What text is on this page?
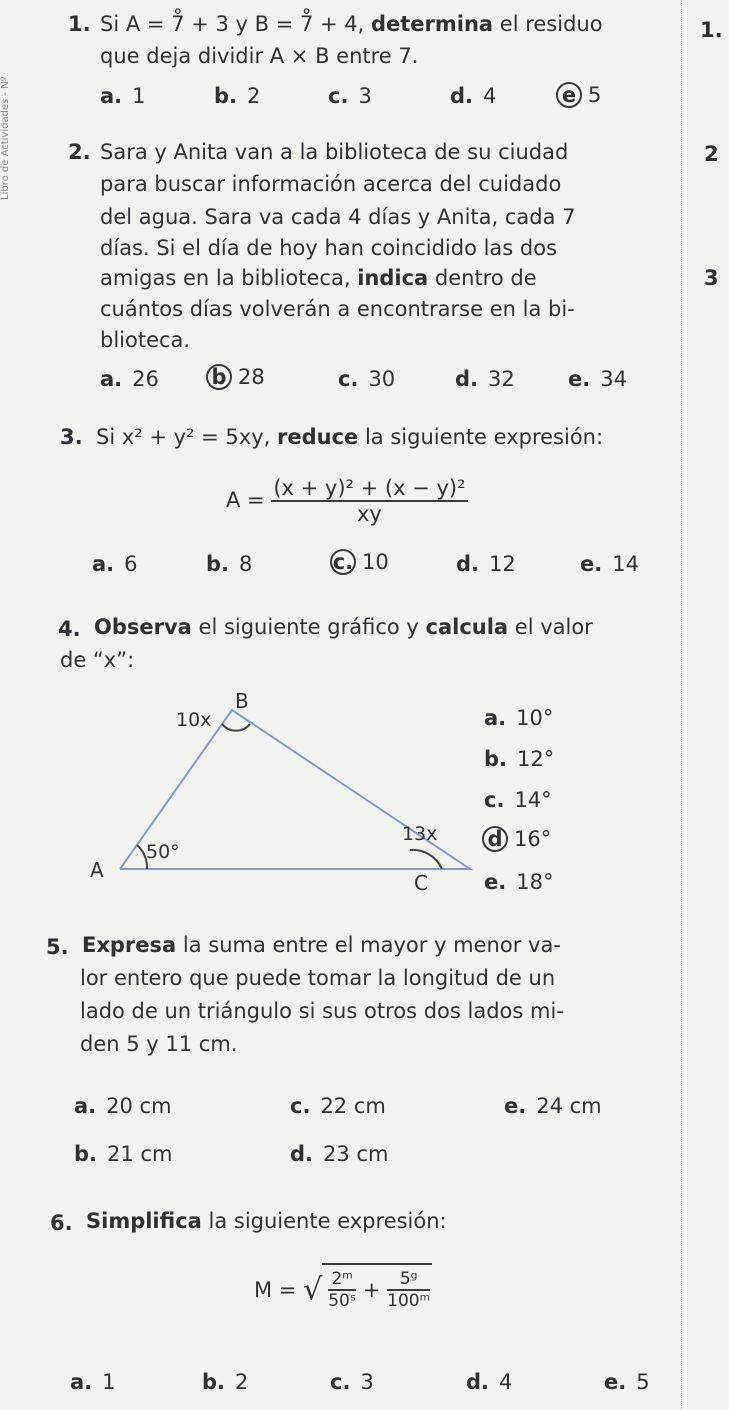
Libro de Actividades - Nº
1.
2
3
1. Si A = 7̊ + 3 y B = 7̊ + 4, determina el residuo
que deja dividir A × B entre 7.
a. 1	b. 2	c. 3	d. 4	e 5
2. Sara y Anita van a la biblioteca de su ciudad
para buscar información acerca del cuidado
del agua. Sara va cada 4 días y Anita, cada 7
días. Si el día de hoy han coincidido las dos
amigas en la biblioteca, indica dentro de
cuántos días volverán a encontrarse en la bi-
blioteca.
a. 26	b 28	c. 30	d. 32	e. 34
3. Si x² + y² = 5xy, reduce la siguiente expresión:
$A = \frac{\text{(x + y)² + (x − y)²}}{xy}$
a. 6	b. 8	c. 10	d. 12	e. 14
4. Observa el siguiente gráfico y calcula el valor
de “x”:
A
B
C
50°
10x
13x
a. 10°
b. 12°
c. 14°
d 16°
e. 18°
5. Expresa la suma entre el mayor y menor va-
lor entero que puede tomar la longitud de un
lado de un triángulo si sus otros dos lados mi-
den 5 y 11 cm.
a. 20 cm	c. 22 cm	e. 24 cm
b. 21 cm	d. 23 cm
6. Simplifica la siguiente expresión:
M = √ $\frac{\text{2ᵐ}}{\text{50ˢ}} + \frac{\text{5ᵍ}}{\text{100ᵐ}}$
a. 1	b. 2	c. 3	d. 4	e. 5
